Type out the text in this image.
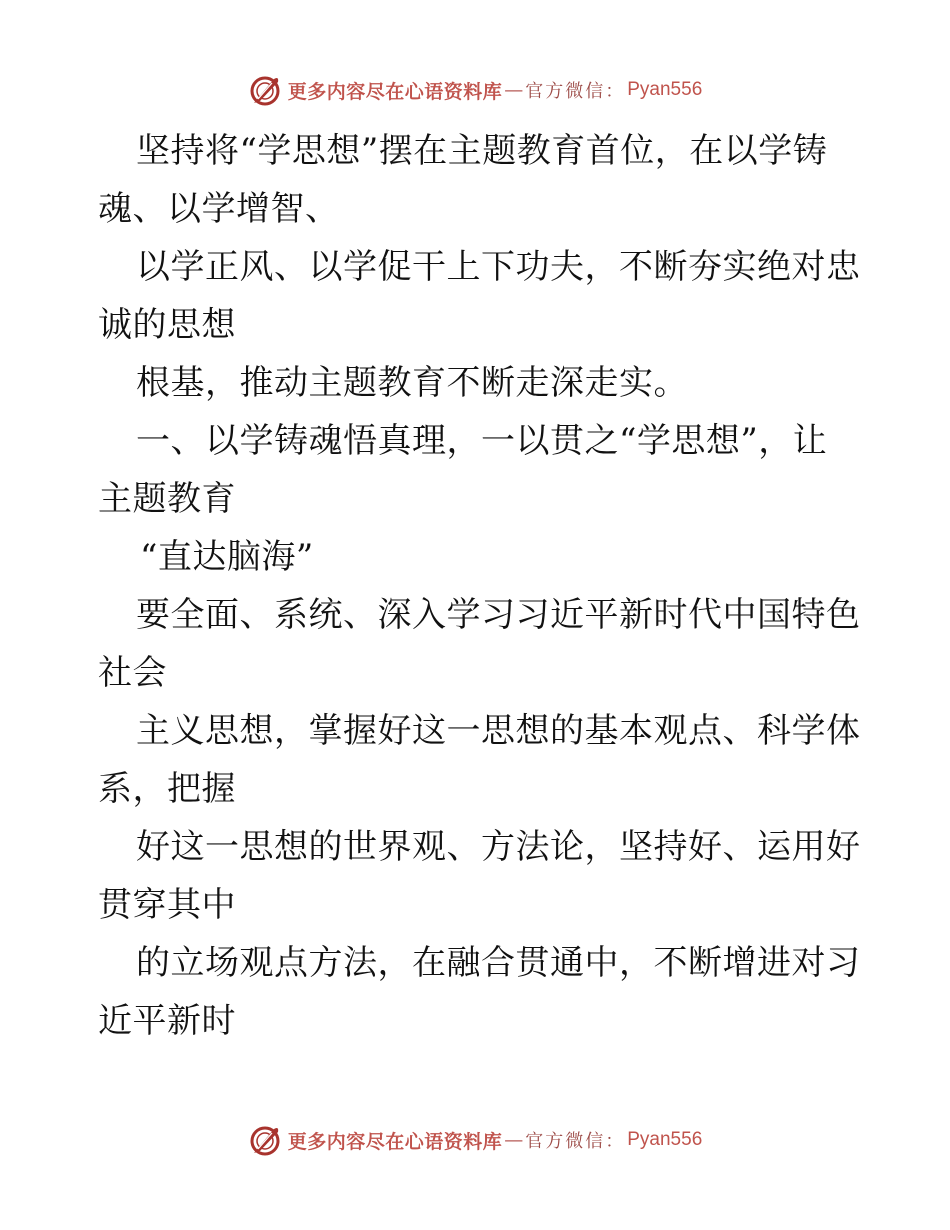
更多内容尽在心语资料库 — 官方微信： Pyan556
坚持将“学思想”摆在主题教育首位，在以学铸
魂、以学增智、
以学正风、以学促干上下功夫，不断夯实绝对忠
诚的思想
根基，推动主题教育不断走深走实。
一、以学铸魂悟真理，一以贯之“学思想”，让
主题教育
“直达脑海”
要全面、系统、深入学习习近平新时代中国特色
社会
主义思想，掌握好这一思想的基本观点、科学体
系，把握
好这一思想的世界观、方法论，坚持好、运用好
贯穿其中
的立场观点方法，在融合贯通中，不断增进对习
近平新时
更多内容尽在心语资料库 — 官方微信： Pyan556
